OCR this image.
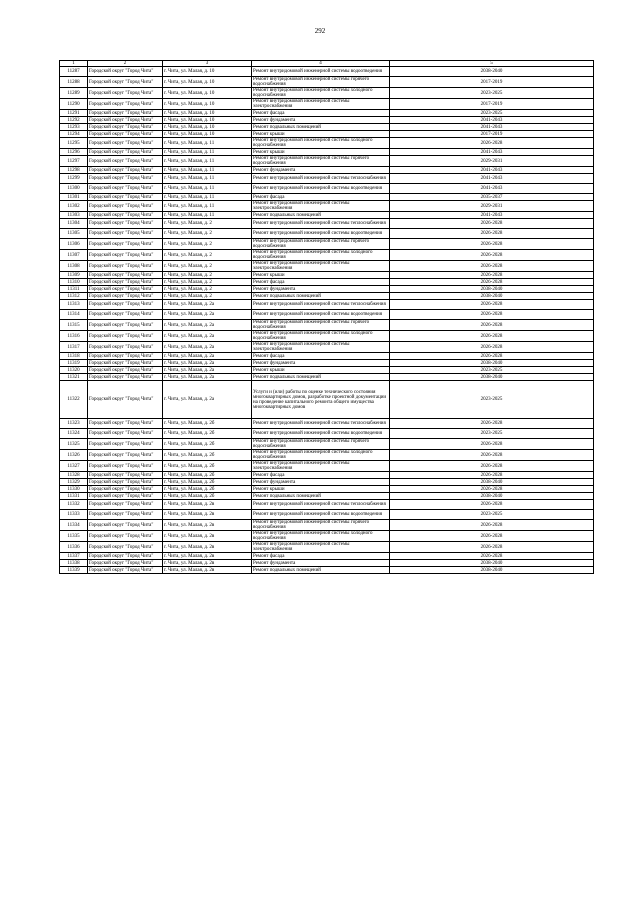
292
1	2	3	4	5
11287	Городской округ "Город Чита"	г. Чита, ул. Малая, д. 10	Ремонт внутридомовой инженерной системы водоотведения	2038-2040
11288	Городской округ "Город Чита"	г. Чита, ул. Малая, д. 10	Ремонт внутридомовой инженерной системы горячего водоснабжения	2017-2019
11289	Городской округ "Город Чита"	г. Чита, ул. Малая, д. 10	Ремонт внутридомовой инженерной системы холодного водоснабжения	2023-2025
11290	Городской округ "Город Чита"	г. Чита, ул. Малая, д. 10	Ремонт внутридомовой инженерной системы электроснабжения	2017-2019
11291	Городской округ "Город Чита"	г. Чита, ул. Малая, д. 10	Ремонт фасада	2023-2025
11292	Городской округ "Город Чита"	г. Чита, ул. Малая, д. 10	Ремонт фундамента	2041-2043
11293	Городской округ "Город Чита"	г. Чита, ул. Малая, д. 10	Ремонт подвальных помещений	2041-2043
11294	Городской округ "Город Чита"	г. Чита, ул. Малая, д. 10	Ремонт крыши	2017-2019
11295	Городской округ "Город Чита"	г. Чита, ул. Малая, д. 11	Ремонт внутридомовой инженерной системы холодного водоснабжения	2026-2028
11296	Городской округ "Город Чита"	г. Чита, ул. Малая, д. 11	Ремонт крыши	2041-2043
11297	Городской округ "Город Чита"	г. Чита, ул. Малая, д. 11	Ремонт внутридомовой инженерной системы горячего водоснабжения	2029-2031
11298	Городской округ "Город Чита"	г. Чита, ул. Малая, д. 11	Ремонт фундамента	2041-2043
11299	Городской округ "Город Чита"	г. Чита, ул. Малая, д. 11	Ремонт внутридомовой инженерной системы теплоснабжения	2041-2043
11300	Городской округ "Город Чита"	г. Чита, ул. Малая, д. 11	Ремонт внутридомовой инженерной системы водоотведения	2041-2043
11301	Городской округ "Город Чита"	г. Чита, ул. Малая, д. 11	Ремонт фасада	2035-2037
11302	Городской округ "Город Чита"	г. Чита, ул. Малая, д. 11	Ремонт внутридомовой инженерной системы электроснабжения	2029-2031
11303	Городской округ "Город Чита"	г. Чита, ул. Малая, д. 11	Ремонт подвальных помещений	2041-2043
11304	Городской округ "Город Чита"	г. Чита, ул. Малая, д. 2	Ремонт внутридомовой инженерной системы теплоснабжения	2026-2028
11305	Городской округ "Город Чита"	г. Чита, ул. Малая, д. 2	Ремонт внутридомовой инженерной системы водоотведения	2026-2028
11306	Городской округ "Город Чита"	г. Чита, ул. Малая, д. 2	Ремонт внутридомовой инженерной системы горячего водоснабжения	2026-2028
11307	Городской округ "Город Чита"	г. Чита, ул. Малая, д. 2	Ремонт внутридомовой инженерной системы холодного водоснабжения	2026-2028
11308	Городской округ "Город Чита"	г. Чита, ул. Малая, д. 2	Ремонт внутридомовой инженерной системы электроснабжения	2026-2028
11309	Городской округ "Город Чита"	г. Чита, ул. Малая, д. 2	Ремонт крыши	2026-2028
11310	Городской округ "Город Чита"	г. Чита, ул. Малая, д. 2	Ремонт фасада	2026-2028
11311	Городской округ "Город Чита"	г. Чита, ул. Малая, д. 2	Ремонт фундамента	2038-2040
11312	Городской округ "Город Чита"	г. Чита, ул. Малая, д. 2	Ремонт подвальных помещений	2038-2040
11313	Городской округ "Город Чита"	г. Чита, ул. Малая, д. 2а	Ремонт внутридомовой инженерной системы теплоснабжения	2026-2028
11314	Городской округ "Город Чита"	г. Чита, ул. Малая, д. 2а	Ремонт внутридомовой инженерной системы водоотведения	2026-2028
11315	Городской округ "Город Чита"	г. Чита, ул. Малая, д. 2а	Ремонт внутридомовой инженерной системы горячего водоснабжения	2026-2028
11316	Городской округ "Город Чита"	г. Чита, ул. Малая, д. 2а	Ремонт внутридомовой инженерной системы холодного водоснабжения	2026-2028
11317	Городской округ "Город Чита"	г. Чита, ул. Малая, д. 2а	Ремонт внутридомовой инженерной системы электроснабжения	2026-2028
11318	Городской округ "Город Чита"	г. Чита, ул. Малая, д. 2а	Ремонт фасада	2026-2028
11319	Городской округ "Город Чита"	г. Чита, ул. Малая, д. 2а	Ремонт фундамента	2038-2040
11320	Городской округ "Город Чита"	г. Чита, ул. Малая, д. 2а	Ремонт крыши	2023-2025
11321	Городской округ "Город Чита"	г. Чита, ул. Малая, д. 2а	Ремонт подвальных помещений	2038-2040
11322	Городской округ "Город Чита"	г. Чита, ул. Малая, д. 2а	Услуги и (или) работы по оценке технического состояния многоквартирных домов, разработке проектной документации на проведение капитального ремонта общего имущества многоквартирных домов	2023-2025
11323	Городской округ "Город Чита"	г. Чита, ул. Малая, д. 2б	Ремонт внутридомовой инженерной системы теплоснабжения	2026-2028
11324	Городской округ "Город Чита"	г. Чита, ул. Малая, д. 2б	Ремонт внутридомовой инженерной системы водоотведения	2023-2025
11325	Городской округ "Город Чита"	г. Чита, ул. Малая, д. 2б	Ремонт внутридомовой инженерной системы горячего водоснабжения	2026-2028
11326	Городской округ "Город Чита"	г. Чита, ул. Малая, д. 2б	Ремонт внутридомовой инженерной системы холодного водоснабжения	2026-2028
11327	Городской округ "Город Чита"	г. Чита, ул. Малая, д. 2б	Ремонт внутридомовой инженерной системы электроснабжения	2026-2028
11328	Городской округ "Город Чита"	г. Чита, ул. Малая, д. 2б	Ремонт фасада	2026-2028
11329	Городской округ "Город Чита"	г. Чита, ул. Малая, д. 2б	Ремонт фундамента	2038-2040
11330	Городской округ "Город Чита"	г. Чита, ул. Малая, д. 2б	Ремонт крыши	2026-2028
11331	Городской округ "Город Чита"	г. Чита, ул. Малая, д. 2б	Ремонт подвальных помещений	2038-2040
11332	Городской округ "Город Чита"	г. Чита, ул. Малая, д. 2в	Ремонт внутридомовой инженерной системы теплоснабжения	2026-2028
11333	Городской округ "Город Чита"	г. Чита, ул. Малая, д. 2в	Ремонт внутридомовой инженерной системы водоотведения	2023-2025
11334	Городской округ "Город Чита"	г. Чита, ул. Малая, д. 2в	Ремонт внутридомовой инженерной системы горячего водоснабжения	2026-2028
11335	Городской округ "Город Чита"	г. Чита, ул. Малая, д. 2в	Ремонт внутридомовой инженерной системы холодного водоснабжения	2026-2028
11336	Городской округ "Город Чита"	г. Чита, ул. Малая, д. 2в	Ремонт внутридомовой инженерной системы электроснабжения	2026-2028
11337	Городской округ "Город Чита"	г. Чита, ул. Малая, д. 2в	Ремонт фасада	2026-2028
11338	Городской округ "Город Чита"	г. Чита, ул. Малая, д. 2в	Ремонт фундамента	2038-2040
11339	Городской округ "Город Чита"	г. Чита, ул. Малая, д. 2в	Ремонт подвальных помещений	2038-2040
